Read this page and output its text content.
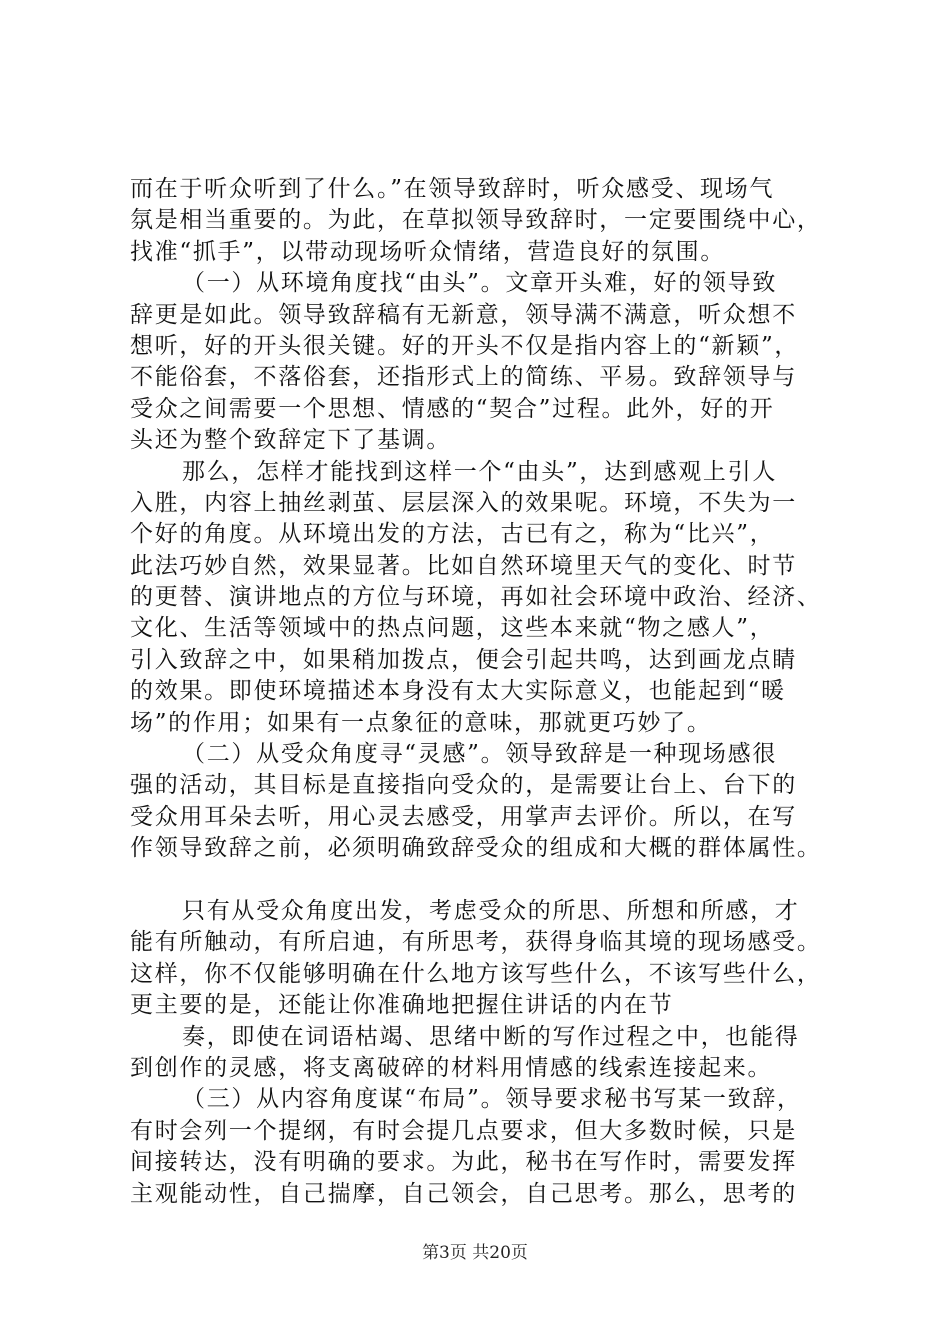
而在于听众听到了什么。”在领导致辞时，听众感受、现场气
氛是相当重要的。为此，在草拟领导致辞时，一定要围绕中心，
找准“抓手”，以带动现场听众情绪，营造良好的氛围。
（一）从环境角度找“由头”。文章开头难，好的领导致
辞更是如此。领导致辞稿有无新意，领导满不满意，听众想不
想听，好的开头很关键。好的开头不仅是指内容上的“新颖”，
不能俗套，不落俗套，还指形式上的简练、平易。致辞领导与
受众之间需要一个思想、情感的“契合”过程。此外，好的开
头还为整个致辞定下了基调。
那么，怎样才能找到这样一个“由头”，达到感观上引人
入胜，内容上抽丝剥茧、层层深入的效果呢。环境，不失为一
个好的角度。从环境出发的方法，古已有之，称为“比兴”，
此法巧妙自然，效果显著。比如自然环境里天气的变化、时节
的更替、演讲地点的方位与环境，再如社会环境中政治、经济、
文化、生活等领域中的热点问题，这些本来就“物之感人”，
引入致辞之中，如果稍加拨点，便会引起共鸣，达到画龙点睛
的效果。即使环境描述本身没有太大实际意义，也能起到“暖
场”的作用；如果有一点象征的意味，那就更巧妙了。
（二）从受众角度寻“灵感”。领导致辞是一种现场感很
强的活动，其目标是直接指向受众的，是需要让台上、台下的
受众用耳朵去听，用心灵去感受，用掌声去评价。所以，在写
作领导致辞之前，必须明确致辞受众的组成和大概的群体属性。
只有从受众角度出发，考虑受众的所思、所想和所感，才
能有所触动，有所启迪，有所思考，获得身临其境的现场感受。
这样，你不仅能够明确在什么地方该写些什么，不该写些什么，
更主要的是，还能让你准确地把握住讲话的内在节
奏，即使在词语枯竭、思绪中断的写作过程之中，也能得
到创作的灵感，将支离破碎的材料用情感的线索连接起来。
（三）从内容角度谋“布局”。领导要求秘书写某一致辞，
有时会列一个提纲，有时会提几点要求，但大多数时候，只是
间接转达，没有明确的要求。为此，秘书在写作时，需要发挥
主观能动性，自己揣摩，自己领会，自己思考。那么，思考的
第3页 共20页
